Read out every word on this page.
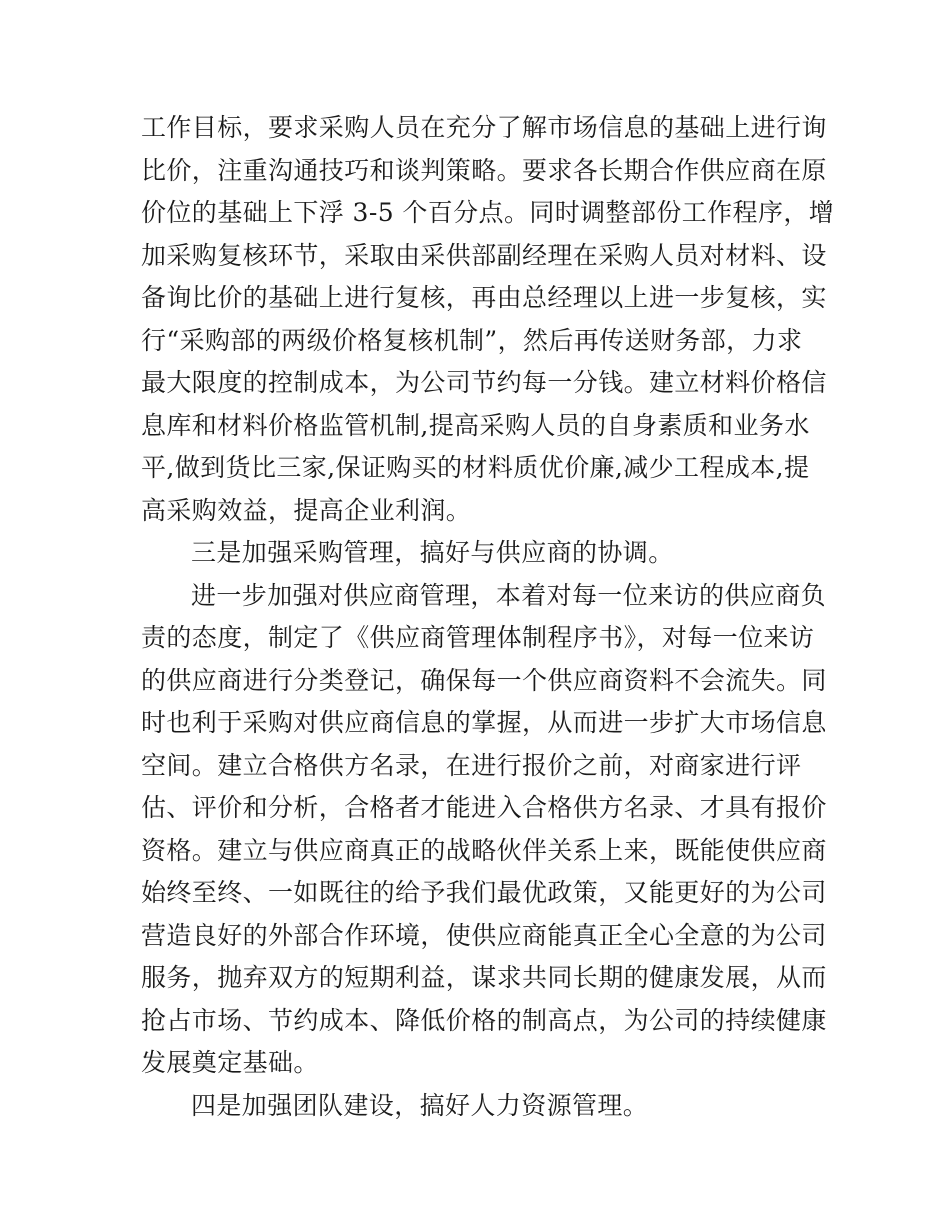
工作目标，要求采购人员在充分了解市场信息的基础上进行询
比价，注重沟通技巧和谈判策略。要求各长期合作供应商在原
价位的基础上下浮 3-5 个百分点。同时调整部份工作程序，增
加采购复核环节，采取由采供部副经理在采购人员对材料、设
备询比价的基础上进行复核，再由总经理以上进一步复核，实
行“采购部的两级价格复核机制”，然后再传送财务部，力求
最大限度的控制成本，为公司节约每一分钱。建立材料价格信
息库和材料价格监管机制,提高采购人员的自身素质和业务水
平,做到货比三家,保证购买的材料质优价廉,减少工程成本,提
高采购效益，提高企业利润。
三是加强采购管理，搞好与供应商的协调。
进一步加强对供应商管理，本着对每一位来访的供应商负
责的态度，制定了《供应商管理体制程序书》，对每一位来访
的供应商进行分类登记，确保每一个供应商资料不会流失。同
时也利于采购对供应商信息的掌握，从而进一步扩大市场信息
空间。建立合格供方名录，在进行报价之前，对商家进行评
估、评价和分析，合格者才能进入合格供方名录、才具有报价
资格。建立与供应商真正的战略伙伴关系上来，既能使供应商
始终至终、一如既往的给予我们最优政策，又能更好的为公司
营造良好的外部合作环境，使供应商能真正全心全意的为公司
服务，抛弃双方的短期利益，谋求共同长期的健康发展，从而
抢占市场、节约成本、降低价格的制高点，为公司的持续健康
发展奠定基础。
四是加强团队建设，搞好人力资源管理。
